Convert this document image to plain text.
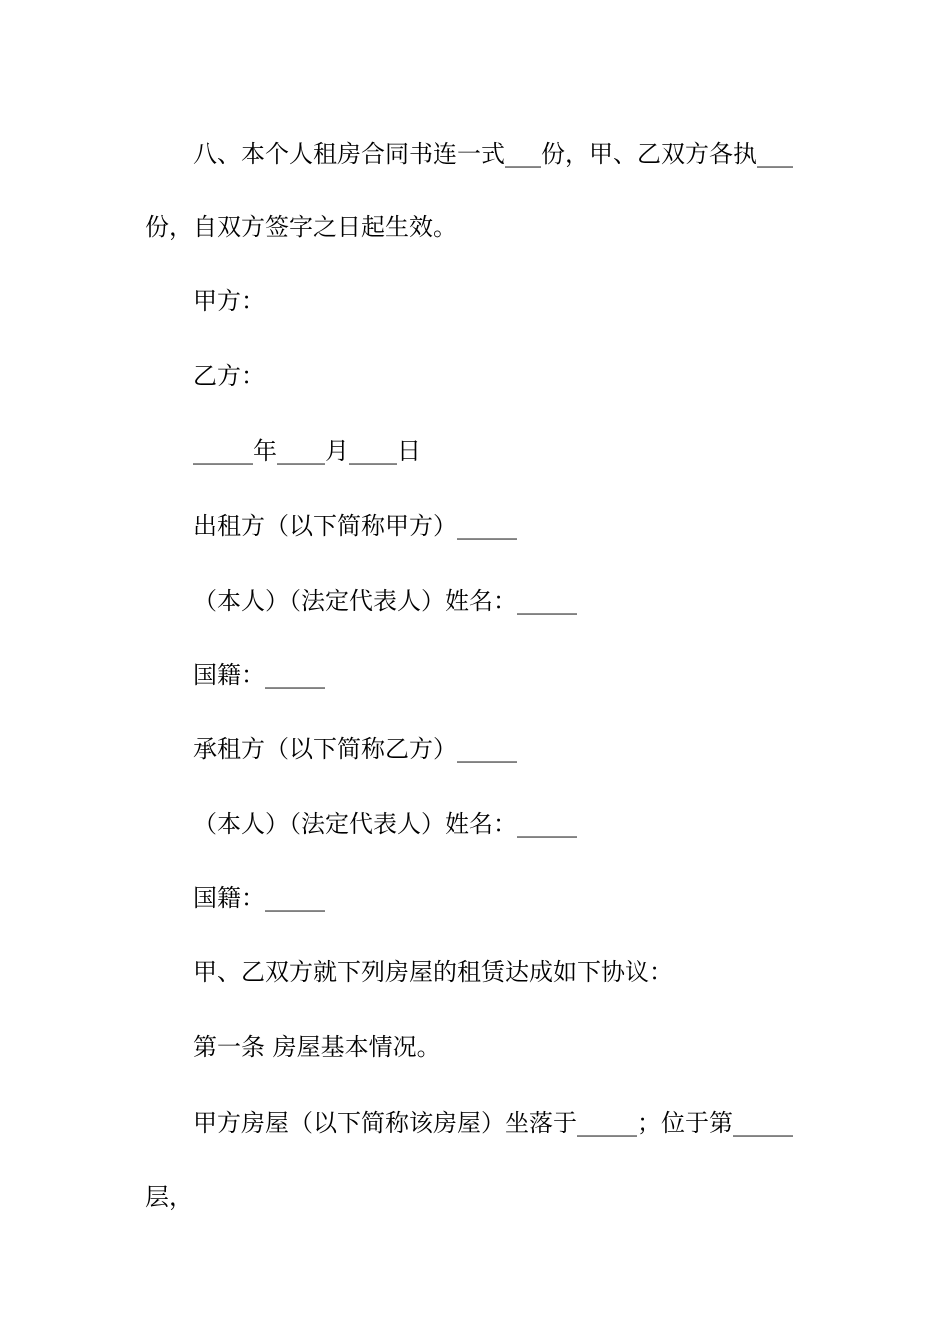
八、本个人租房合同书连一式___份，甲、乙双方各执___
份，自双方签字之日起生效。
甲方：
乙方：
_____年____月____日
出租方（以下简称甲方）_____
（本人）（法定代表人）姓名：_____
国籍：_____
承租方（以下简称乙方）_____
（本人）（法定代表人）姓名：_____
国籍：_____
甲、乙双方就下列房屋的租赁达成如下协议：
第一条 房屋基本情况。
甲方房屋（以下简称该房屋）坐落于_____；位于第_____
层，
